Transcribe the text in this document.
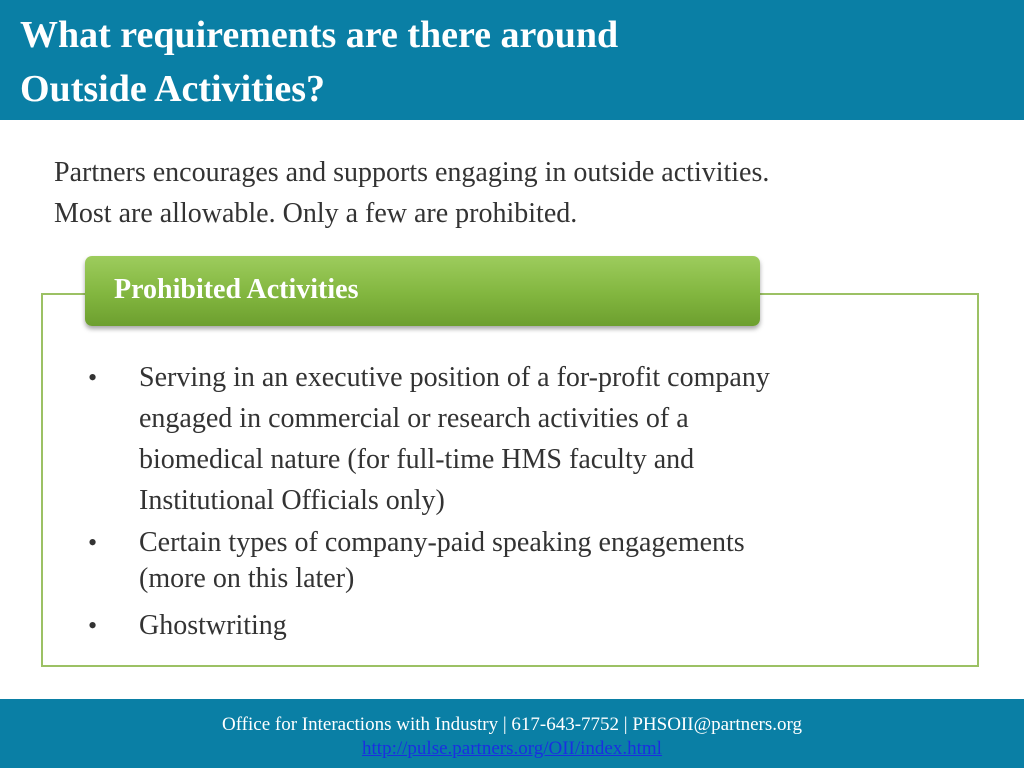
What requirements are there around
Outside Activities?

Partners encourages and supports engaging in outside activities.
Most are allowable. Only a few are prohibited.

Prohibited Activities
• Serving in an executive position of a for-profit company
engaged in commercial or research activities of a
biomedical nature (for full-time HMS faculty and
Institutional Officials only)
• Certain types of company-paid speaking engagements
(more on this later)
• Ghostwriting
Office for Interactions with Industry | 617-643-7752 | PHSOII@partners.org
http://pulse.partners.org/OII/index.html
